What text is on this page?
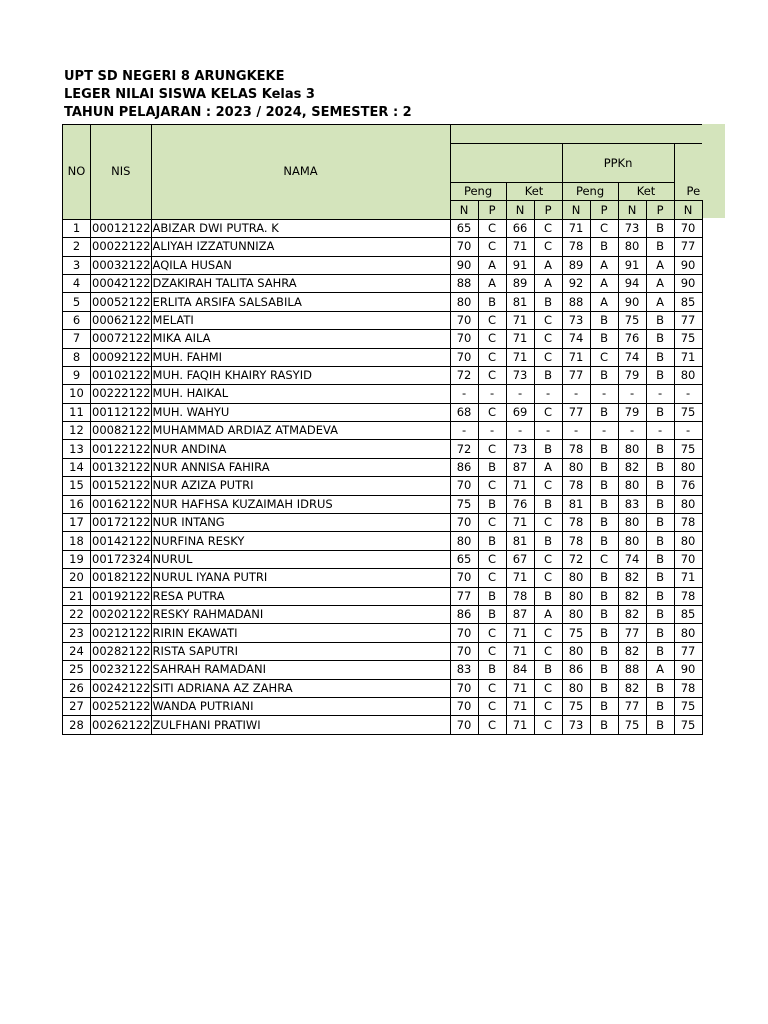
UPT SD NEGERI 8 ARUNGKEKE
LEGER NILAI SISWA KELAS Kelas 3
TAHUN PELAJARAN : 2023 / 2024, SEMESTER : 2
NO	NIS	NAMA									
							PPKn				Pe
			Peng		Ket		Peng		Ket		
			N	P	N	P	N	P	N	P	N
1	00012122	ABIZAR DWI PUTRA. K	65	C	66	C	71	C	73	B	70
2	00022122	ALIYAH IZZATUNNIZA	70	C	71	C	78	B	80	B	77
3	00032122	AQILA HUSAN	90	A	91	A	89	A	91	A	90
4	00042122	DZAKIRAH TALITA SAHRA	88	A	89	A	92	A	94	A	90
5	00052122	ERLITA ARSIFA SALSABILA	80	B	81	B	88	A	90	A	85
6	00062122	MELATI	70	C	71	C	73	B	75	B	77
7	00072122	MIKA AILA	70	C	71	C	74	B	76	B	75
8	00092122	MUH. FAHMI	70	C	71	C	71	C	74	B	71
9	00102122	MUH. FAQIH KHAIRY RASYID	72	C	73	B	77	B	79	B	80
10	00222122	MUH. HAIKAL	-	-	-	-	-	-	-	-	-
11	00112122	MUH. WAHYU	68	C	69	C	77	B	79	B	75
12	00082122	MUHAMMAD ARDIAZ ATMADEVA	-	-	-	-	-	-	-	-	-
13	00122122	NUR ANDINA	72	C	73	B	78	B	80	B	75
14	00132122	NUR ANNISA FAHIRA	86	B	87	A	80	B	82	B	80
15	00152122	NUR AZIZA PUTRI	70	C	71	C	78	B	80	B	76
16	00162122	NUR HAFHSA KUZAIMAH IDRUS	75	B	76	B	81	B	83	B	80
17	00172122	NUR INTANG	70	C	71	C	78	B	80	B	78
18	00142122	NURFINA RESKY	80	B	81	B	78	B	80	B	80
19	00172324	NURUL	65	C	67	C	72	C	74	B	70
20	00182122	NURUL IYANA PUTRI	70	C	71	C	80	B	82	B	71
21	00192122	RESA PUTRA	77	B	78	B	80	B	82	B	78
22	00202122	RESKY RAHMADANI	86	B	87	A	80	B	82	B	85
23	00212122	RIRIN EKAWATI	70	C	71	C	75	B	77	B	80
24	00282122	RISTA SAPUTRI	70	C	71	C	80	B	82	B	77
25	00232122	SAHRAH RAMADANI	83	B	84	B	86	B	88	A	90
26	00242122	SITI ADRIANA AZ ZAHRA	70	C	71	C	80	B	82	B	78
27	00252122	WANDA PUTRIANI	70	C	71	C	75	B	77	B	75
28	00262122	ZULFHANI PRATIWI	70	C	71	C	73	B	75	B	75
